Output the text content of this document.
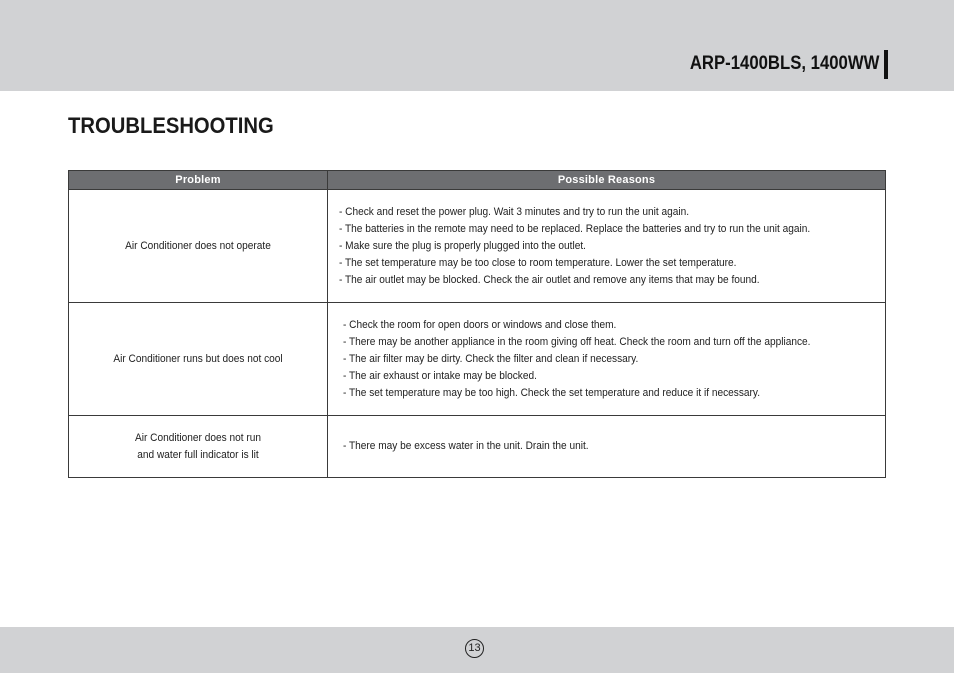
ARP-1400BLS, 1400WW
TROUBLESHOOTING
Problem	Possible Reasons

Air Conditioner does not operate	- Check and reset the power plug. Wait 3 minutes and try to run the unit again.
- The batteries in the remote may need to be replaced. Replace the batteries and try to run the unit again.
- Make sure the plug is properly plugged into the outlet.
- The set temperature may be too close to room temperature. Lower the set temperature.
- The air outlet may be blocked. Check the air outlet and remove any items that may be found.

Air Conditioner runs but does not cool	- Check the room for open doors or windows and close them.
- There may be another appliance in the room giving off heat. Check the room and turn off the appliance.
- The air filter may be dirty. Check the filter and clean if necessary.
- The air exhaust or intake may be blocked.
- The set temperature may be too high. Check the set temperature and reduce it if necessary.

Air Conditioner does not run
and water full indicator is lit	- There may be excess water in the unit. Drain the unit.
13
